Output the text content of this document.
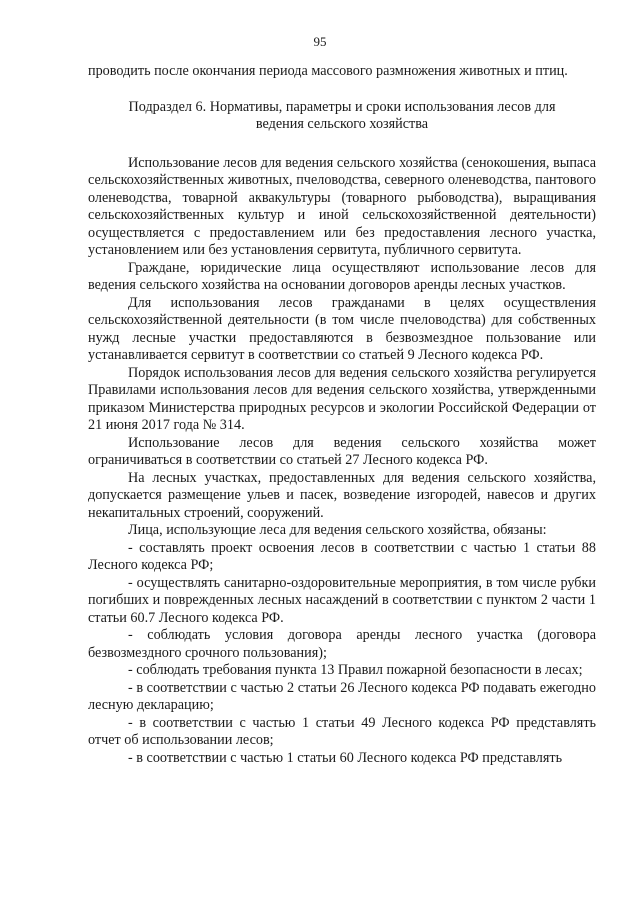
95

проводить после окончания периода массового размножения животных и птиц.

Подраздел 6. Нормативы, параметры и сроки использования лесов для ведения сельского хозяйства

Использование лесов для ведения сельского хозяйства (сенокошения, выпаса сельскохозяйственных животных, пчеловодства, северного оленеводства, пантового оленеводства, товарной аквакультуры (товарного рыбоводства), выращивания сельскохозяйственных культур и иной сельскохозяйственной деятельности) осуществляется с предоставлением или без предоставления лесного участка, установлением или без установления сервитута, публичного сервитута.

Граждане, юридические лица осуществляют использование лесов для ведения сельского хозяйства на основании договоров аренды лесных участков.

Для использования лесов гражданами в целях осуществления сельскохозяйственной деятельности (в том числе пчеловодства) для собственных нужд лесные участки предоставляются в безвозмездное пользование или устанавливается сервитут в соответствии со статьей 9 Лесного кодекса РФ.

Порядок использования лесов для ведения сельского хозяйства регулируется Правилами использования лесов для ведения сельского хозяйства, утвержденными приказом Министерства природных ресурсов и экологии Российской Федерации от 21 июня 2017 года № 314.

Использование лесов для ведения сельского хозяйства может ограничиваться в соответствии со статьей 27 Лесного кодекса РФ.

На лесных участках, предоставленных для ведения сельского хозяйства, допускается размещение ульев и пасек, возведение изгородей, навесов и других некапитальных строений, сооружений.

Лица, использующие леса для ведения сельского хозяйства, обязаны:

- составлять проект освоения лесов в соответствии с частью 1 статьи 88 Лесного кодекса РФ;

- осуществлять санитарно-оздоровительные мероприятия, в том числе рубки погибших и поврежденных лесных насаждений в соответствии с пунктом 2 части 1 статьи 60.7 Лесного кодекса РФ.

- соблюдать условия договора аренды лесного участка (договора безвозмездного срочного пользования);

- соблюдать требования пункта 13 Правил пожарной безопасности в лесах;

- в соответствии с частью 2 статьи 26 Лесного кодекса РФ подавать ежегодно лесную декларацию;

- в соответствии с частью 1 статьи 49 Лесного кодекса РФ представлять отчет об использовании лесов;

- в соответствии с частью 1 статьи 60 Лесного кодекса РФ представлять
